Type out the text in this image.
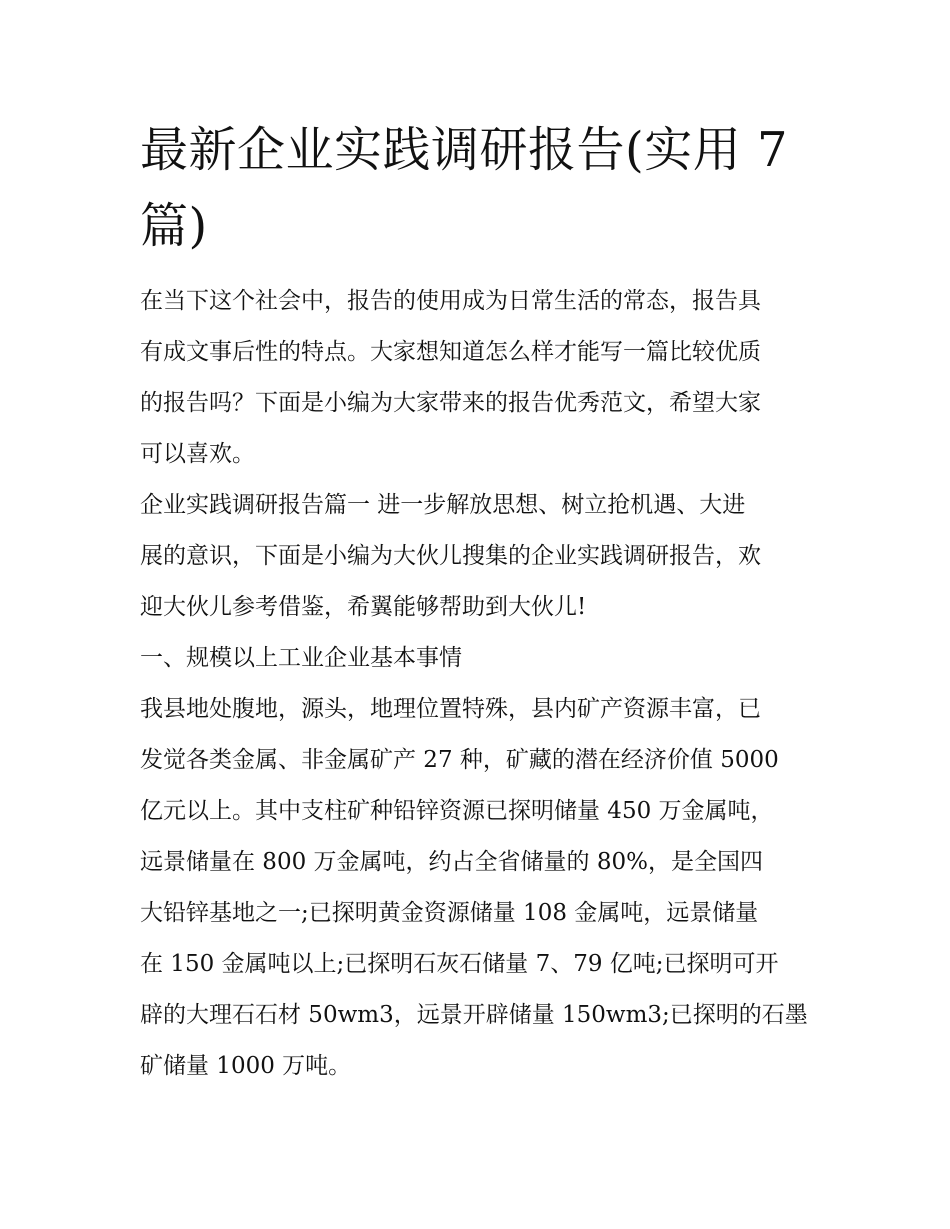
最新企业实践调研报告(实用 7
篇)
在当下这个社会中，报告的使用成为日常生活的常态，报告具
有成文事后性的特点。大家想知道怎么样才能写一篇比较优质
的报告吗？下面是小编为大家带来的报告优秀范文，希望大家
可以喜欢。
企业实践调研报告篇一 进一步解放思想、树立抢机遇、大进
展的意识，下面是小编为大伙儿搜集的企业实践调研报告，欢
迎大伙儿参考借鉴，希翼能够帮助到大伙儿!
一、规模以上工业企业基本事情
我县地处腹地，源头，地理位置特殊，县内矿产资源丰富，已
发觉各类金属、非金属矿产 27 种，矿藏的潜在经济价值 5000
亿元以上。其中支柱矿种铅锌资源已探明储量 450 万金属吨，
远景储量在 800 万金属吨，约占全省储量的 80%，是全国四
大铅锌基地之一;已探明黄金资源储量 108 金属吨，远景储量
在 150 金属吨以上;已探明石灰石储量 7、79 亿吨;已探明可开
辟的大理石石材 50wm3，远景开辟储量 150wm3;已探明的石墨
矿储量 1000 万吨。
